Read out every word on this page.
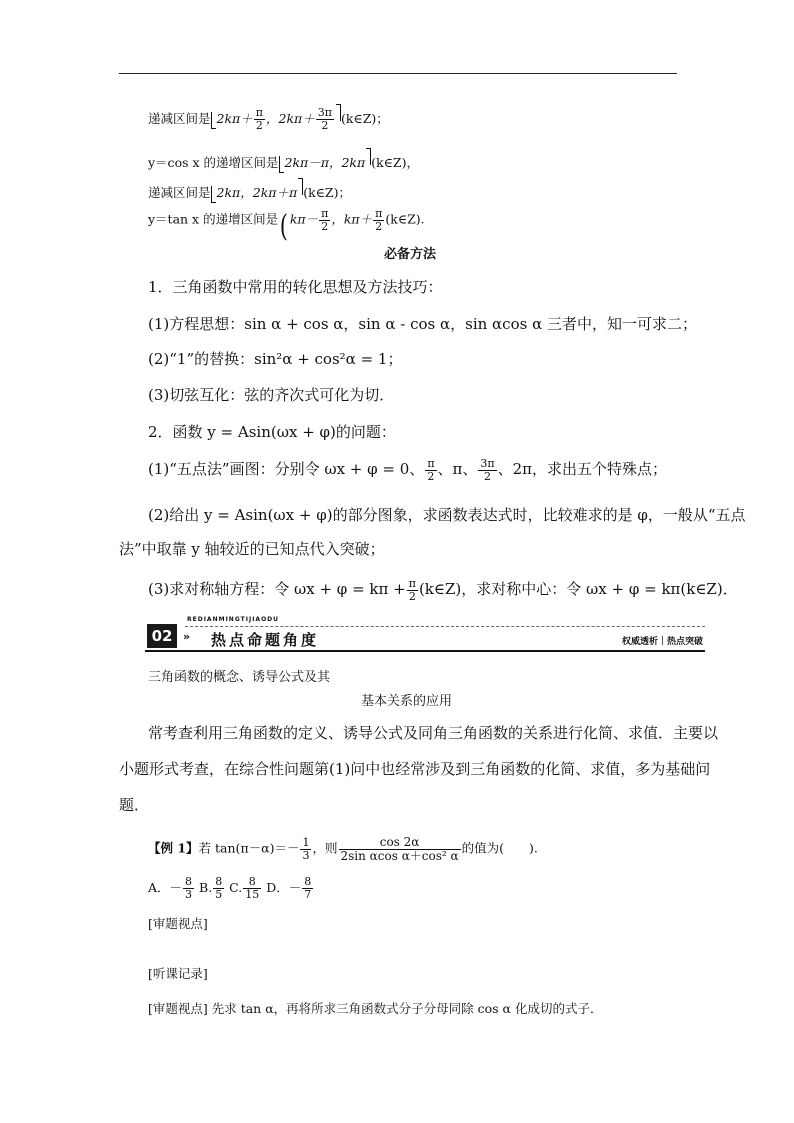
递减区间是 $2k\pi+ \frac{\pi}{2}$ ，$2k\pi+ \frac{3\pi}{2}$ (k∈Z)；
y＝cos x 的递增区间是 2kπ－π，2kπ (k∈Z)，
递减区间是 2kπ，2kπ＋π (k∈Z)；
y＝tan x 的递增区间是( $k\pi- \frac{\pi}{2}$ ，$k\pi+ \frac{\pi}{2}$ (k∈Z).
必备方法
1．三角函数中常用的转化思想及方法技巧：
(1)方程思想：sin α + cos α，sin α - cos α，sin αcos α 三者中，知一可求二；
(2)“1”的替换：sin²α + cos²α = 1；
(3)切弦互化：弦的齐次式可化为切．
2．函数 y = Asin(ωx + φ)的问题：
(1)“五点法”画图：分别令 ωx + φ = 0、 $\frac{\pi}{2}$ 、π、 $\frac{3\pi}{2}$ 、2π，求出五个特殊点；
(2)给出 y = Asin(ωx + φ)的部分图象，求函数表达式时，比较难求的是 φ，一般从“五点
法”中取靠 y 轴较近的已知点代入突破；
(3)求对称轴方程：令 $\omega x + \varphi = k\pi + \frac{\pi}{2}$ (k∈Z)，求对称中心：令 ωx + φ = kπ(k∈Z)．
REDIANMINGTIJIAODU
02 » 热点命题角度	权威透析｜热点突破
三角函数的概念、诱导公式及其
基本关系的应用
常考查利用三角函数的定义、诱导公式及同角三角函数的关系进行化简、求值．主要以
小题形式考查，在综合性问题第(1)问中也经常涉及到三角函数的化简、求值，多为基础问
题．
【例 1】若 $\tan(\pi-\alpha)=- \frac{1}{3}$ ，则 $\frac{\cos 2\alpha}{\text{2sin αcos α＋cos² α}}$ 的值为(　　).
A．－ $\frac{8}{3} B$. $\frac{8}{5} C$. $\frac{8}{15}$ D．－ $\frac{8}{7}$
[审题视点]
[听课记录]
[审题视点] 先求 tan α，再将所求三角函数式分子分母同除 cos α 化成切的式子．
